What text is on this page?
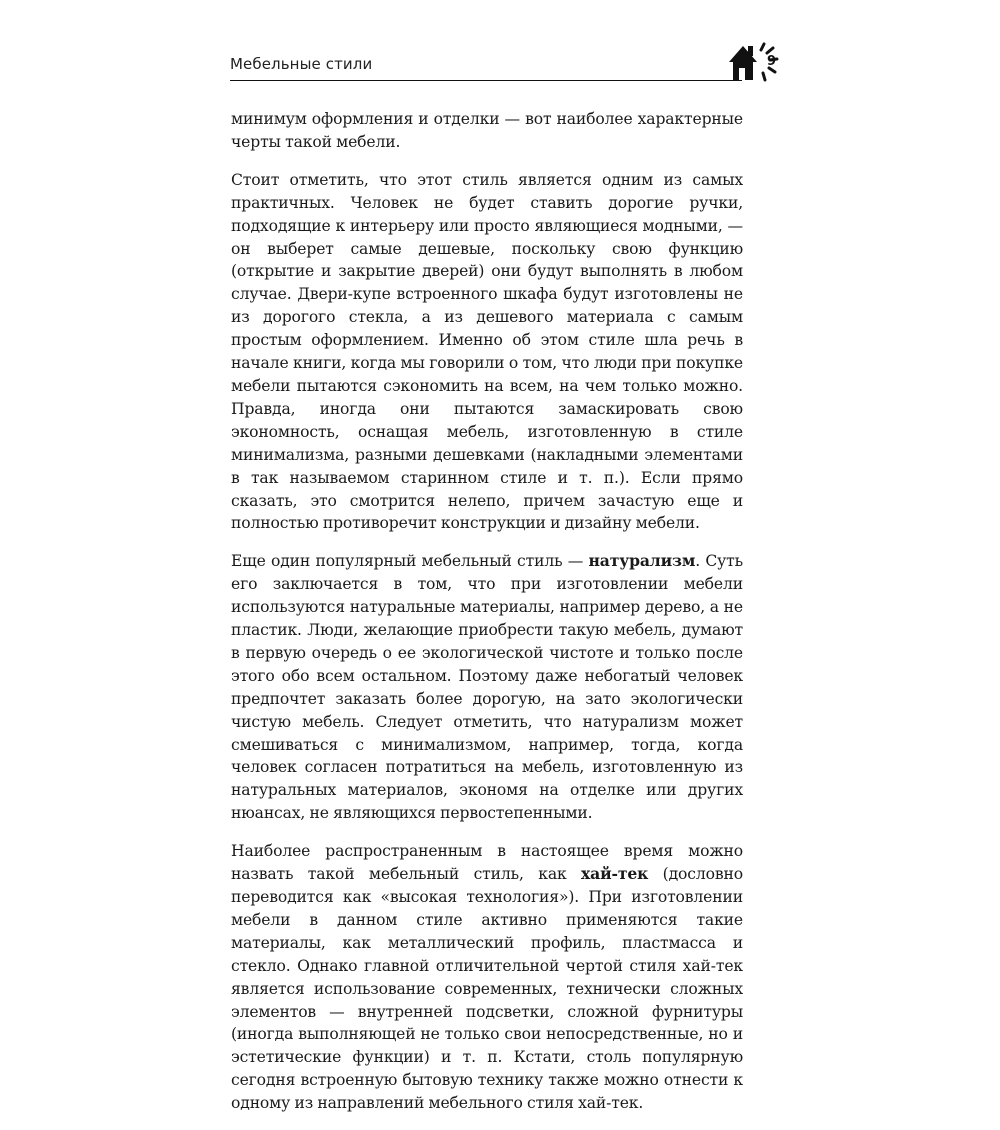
Мебельные стили	9

минимум оформления и отделки — вот наиболее характерные черты такой мебели.

Стоит отметить, что этот стиль является одним из самых практичных. Человек не будет ставить дорогие ручки, подходящие к интерьеру или просто являющиеся модными, — он выберет самые дешевые, поскольку свою функцию (открытие и закрытие дверей) они будут выполнять в любом случае. Двери-купе встроенного шкафа будут изготовлены не из дорогого стекла, а из дешевого материала с самым простым оформлением. Именно об этом стиле шла речь в начале книги, когда мы говорили о том, что люди при покупке мебели пытаются сэкономить на всем, на чем только можно. Правда, иногда они пытаются замаскировать свою экономность, оснащая мебель, изготовленную в стиле минимализма, разными дешевками (накладными элементами в так называемом старинном стиле и т. п.). Если прямо сказать, это смотрится нелепо, причем зачастую еще и полностью противоречит конструкции и дизайну мебели.

Еще один популярный мебельный стиль — натурализм. Суть его заключается в том, что при изготовлении мебели используются натуральные материалы, например дерево, а не пластик. Люди, желающие приобрести такую мебель, думают в первую очередь о ее экологической чистоте и только после этого обо всем остальном. Поэтому даже небогатый человек предпочтет заказать более дорогую, на зато экологически чистую мебель. Следует отметить, что натурализм может смешиваться с минимализмом, например, тогда, когда человек согласен потратиться на мебель, изготовленную из натуральных материалов, экономя на отделке или других нюансах, не являющихся первостепенными.

Наиболее распространенным в настоящее время можно назвать такой мебельный стиль, как хай-тек (дословно переводится как «высокая технология»). При изготовлении мебели в данном стиле активно применяются такие материалы, как металлический профиль, пластмасса и стекло. Однако главной отличительной чертой стиля хай-тек является использование современных, технически сложных элементов — внутренней подсветки, сложной фурнитуры (иногда выполняющей не только свои непосредственные, но и эстетические функции) и т. п. Кстати, столь популярную сегодня встроенную бытовую технику также можно отнести к одному из направлений мебельного стиля хай-тек.
